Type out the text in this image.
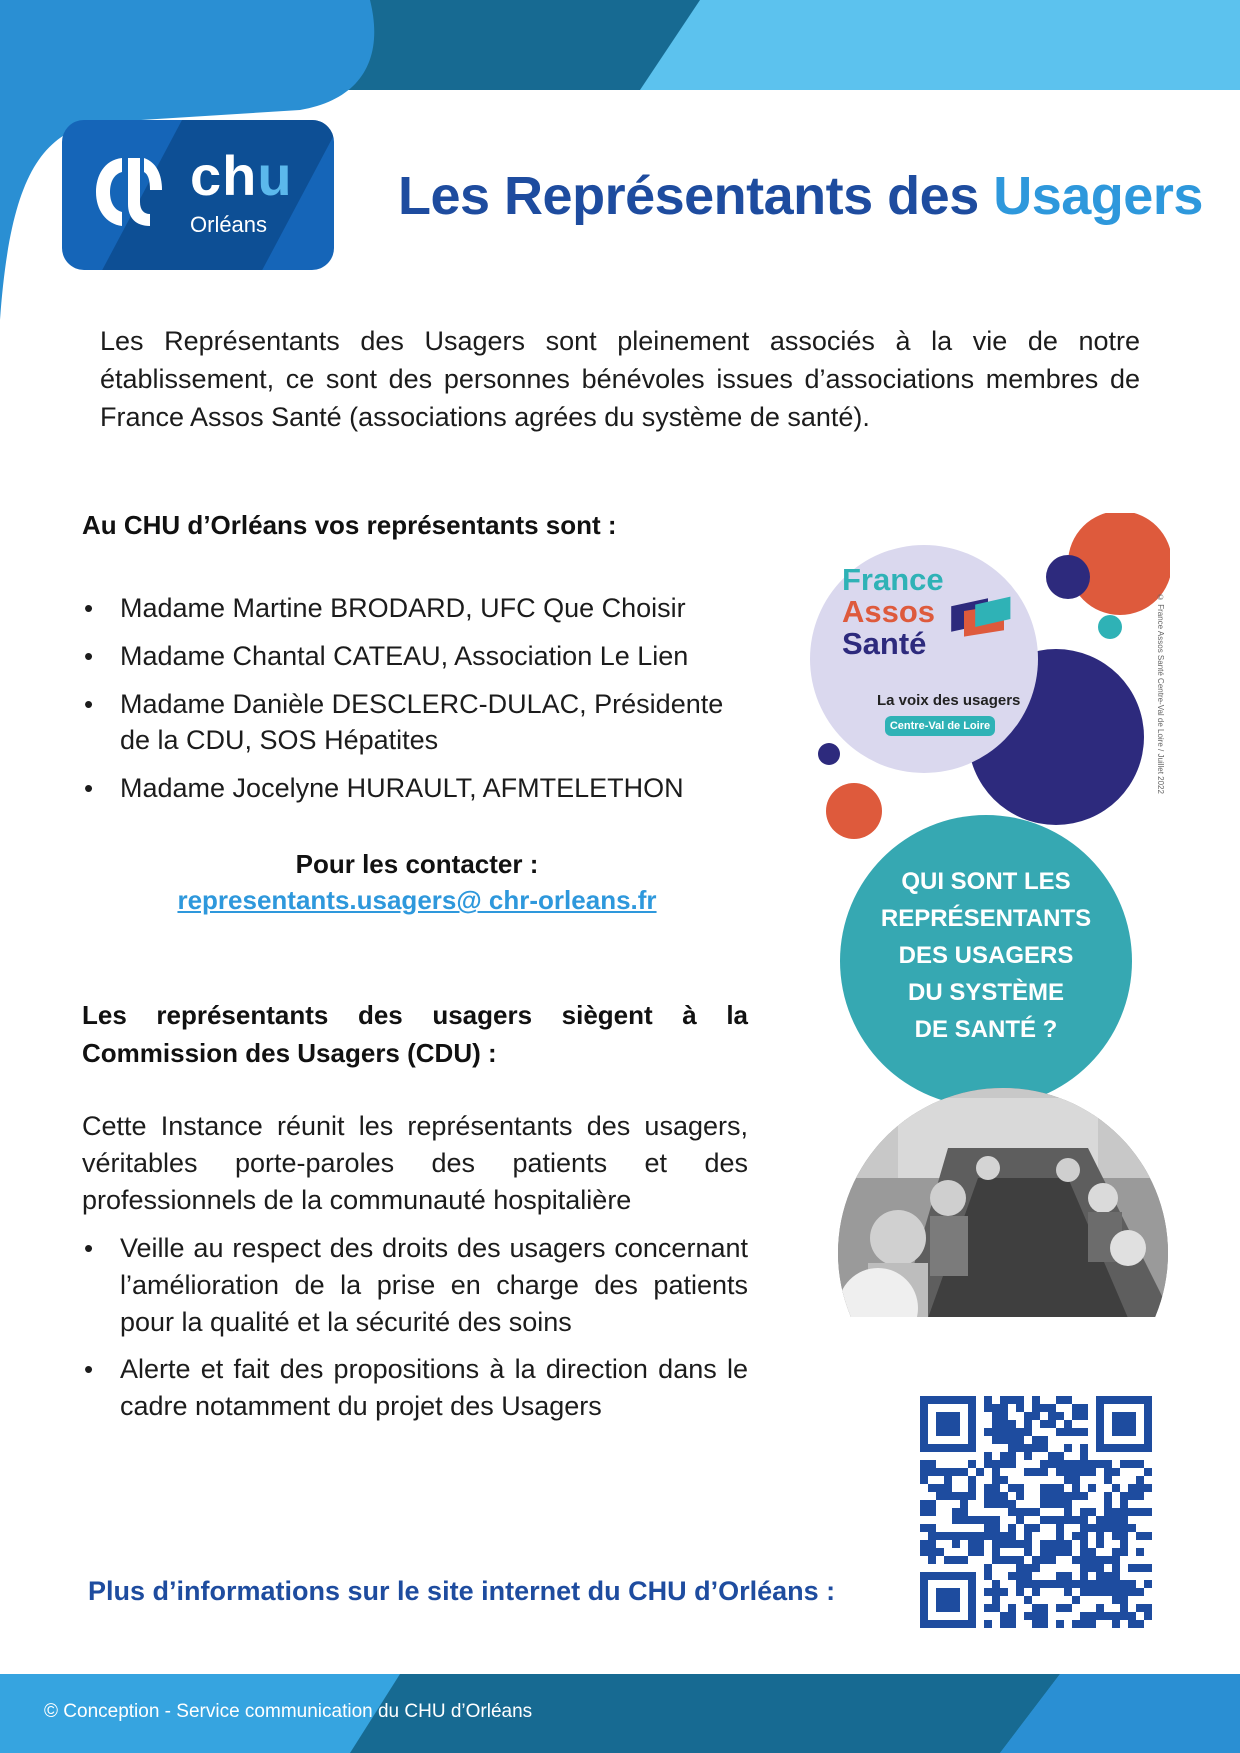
chu
Orléans Les Représentants des Usagers

Les Représentants des Usagers sont pleinement associés à la vie de notre établissement, ce sont des personnes bénévoles issues d’associations membres de France Assos Santé (associations agrées du système de santé).

Au CHU d’Orléans vos représentants sont :
• Madame Martine BRODARD, UFC Que Choisir
• Madame Chantal CATEAU, Association Le Lien
• Madame Danièle DESCLERC-DULAC, Présidente de la CDU, SOS Hépatites
• Madame Jocelyne HURAULT, AFMTELETHON
Pour les contacter :
representants.usagers@ chr-orleans.fr
Les représentants des usagers siègent à la Commission des Usagers (CDU) :

Cette Instance réunit les représentants des usagers, véritables porte-paroles des patients et des professionnels de la communauté hospitalière

• Veille au respect des droits des usagers concernant l’amélioration de la prise en charge des patients pour la qualité et la sécurité des soins
• Alerte et fait des propositions à la direction dans le cadre notamment du projet des Usagers
France
Assos
Santé
La voix des usagers
Centre-Val de Loire	© France Assos Santé Centre-Val de Loire / Juillet 2022
QUI SONT LES
REPRÉSENTANTS
DES USAGERS
DU SYSTÈME
DE SANTÉ ?
Plus d’informations sur le site internet du CHU d’Orléans :
© Conception - Service communication du CHU d’Orléans
